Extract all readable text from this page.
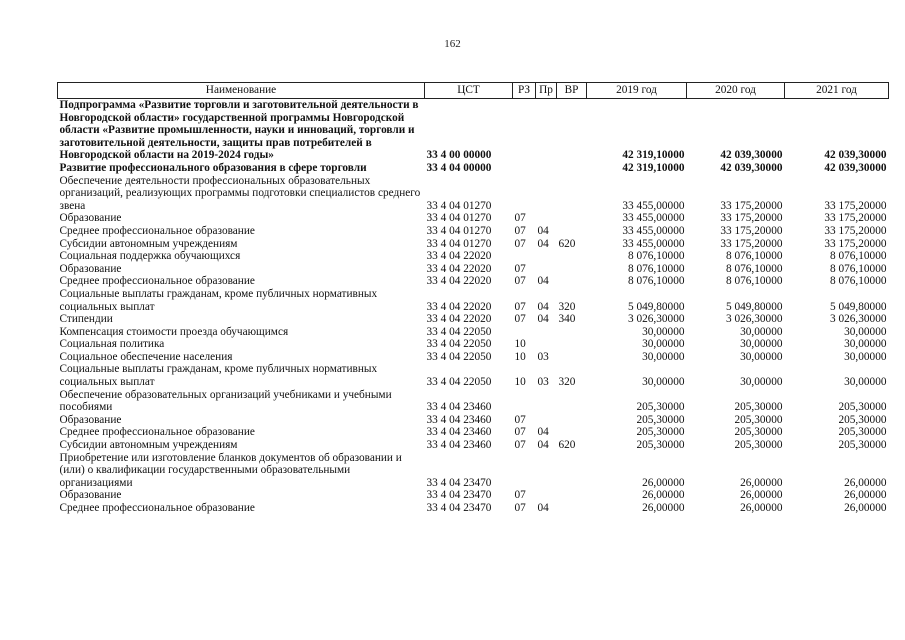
162
Наименование	ЦСТ	РЗ	Пр	ВР	2019 год	2020 год	2021 год
Подпрограмма «Развитие торговли и заготовительной деятельности в Новгородской области» государственной программы Новгородской области «Развитие промышленности, науки и инноваций, торговли и заготовительной деятельности, защиты прав потребителей в Новгородской области на 2019-2024 годы»	33 4 00 00000				42 319,10000	42 039,30000	42 039,30000
Развитие профессионального образования в сфере торговли	33 4 04 00000				42 319,10000	42 039,30000	42 039,30000
Обеспечение деятельности профессиональных образовательных организаций, реализующих программы подготовки специалистов среднего звена	33 4 04 01270				33 455,00000	33 175,20000	33 175,20000
Образование	33 4 04 01270	07			33 455,00000	33 175,20000	33 175,20000
Среднее профессиональное образование	33 4 04 01270	07	04		33 455,00000	33 175,20000	33 175,20000
Субсидии автономным учреждениям	33 4 04 01270	07	04	620	33 455,00000	33 175,20000	33 175,20000
Социальная поддержка обучающихся	33 4 04 22020				8 076,10000	8 076,10000	8 076,10000
Образование	33 4 04 22020	07			8 076,10000	8 076,10000	8 076,10000
Среднее профессиональное образование	33 4 04 22020	07	04		8 076,10000	8 076,10000	8 076,10000
Социальные выплаты гражданам, кроме публичных нормативных социальных выплат	33 4 04 22020	07	04	320	5 049,80000	5 049,80000	5 049,80000
Стипендии	33 4 04 22020	07	04	340	3 026,30000	3 026,30000	3 026,30000
Компенсация стоимости проезда обучающимся	33 4 04 22050				30,00000	30,00000	30,00000
Социальная политика	33 4 04 22050	10			30,00000	30,00000	30,00000
Социальное обеспечение населения	33 4 04 22050	10	03		30,00000	30,00000	30,00000
Социальные выплаты гражданам, кроме публичных нормативных социальных выплат	33 4 04 22050	10	03	320	30,00000	30,00000	30,00000
Обеспечение образовательных организаций учебниками и учебными пособиями	33 4 04 23460				205,30000	205,30000	205,30000
Образование	33 4 04 23460	07			205,30000	205,30000	205,30000
Среднее профессиональное образование	33 4 04 23460	07	04		205,30000	205,30000	205,30000
Субсидии автономным учреждениям	33 4 04 23460	07	04	620	205,30000	205,30000	205,30000
Приобретение или изготовление бланков документов об образовании и (или) о квалификации государственными образовательными организациями	33 4 04 23470				26,00000	26,00000	26,00000
Образование	33 4 04 23470	07			26,00000	26,00000	26,00000
Среднее профессиональное образование	33 4 04 23470	07	04		26,00000	26,00000	26,00000
